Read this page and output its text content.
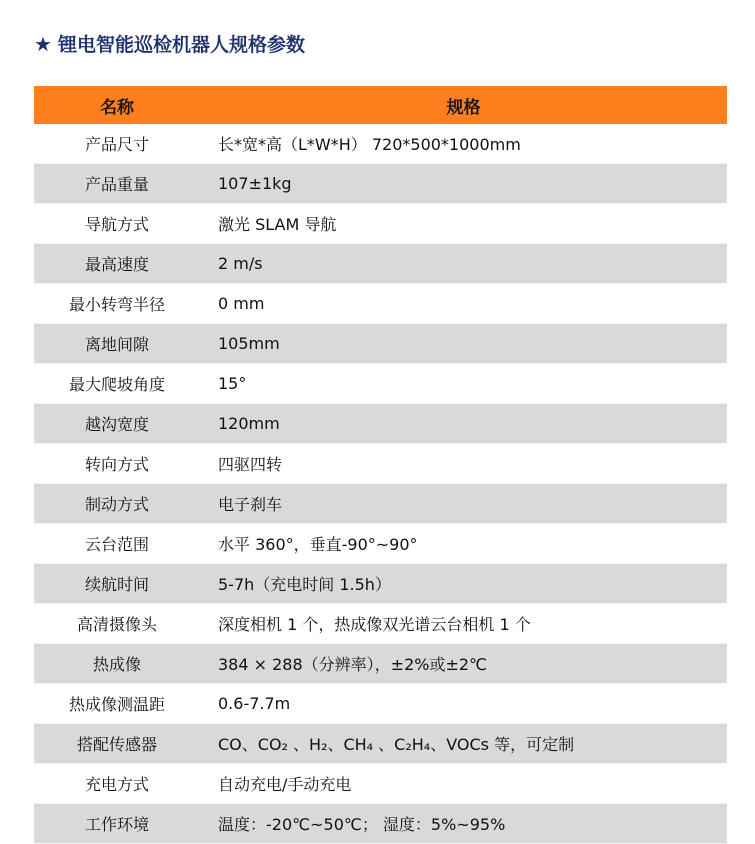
★ 锂电智能巡检机器人规格参数
名称	规格
产品尺寸	长*宽*高（L*W*H） 720*500*1000mm
产品重量	107±1kg
导航方式	激光 SLAM 导航
最高速度	2 m/s
最小转弯半径	0 mm
离地间隙	105mm
最大爬坡角度	15°
越沟宽度	120mm
转向方式	四驱四转
制动方式	电子刹车
云台范围	水平 360°，垂直-90°~90°
续航时间	5-7h（充电时间 1.5h）
高清摄像头	深度相机 1 个，热成像双光谱云台相机 1 个
热成像	384 × 288（分辨率），±2%或±2℃
热成像测温距	0.6-7.7m
搭配传感器	CO、CO₂ 、H₂、CH₄ 、C₂H₄、VOCs 等，可定制
充电方式	自动充电/手动充电
工作环境	温度：-20℃~50℃； 湿度：5%~95%
